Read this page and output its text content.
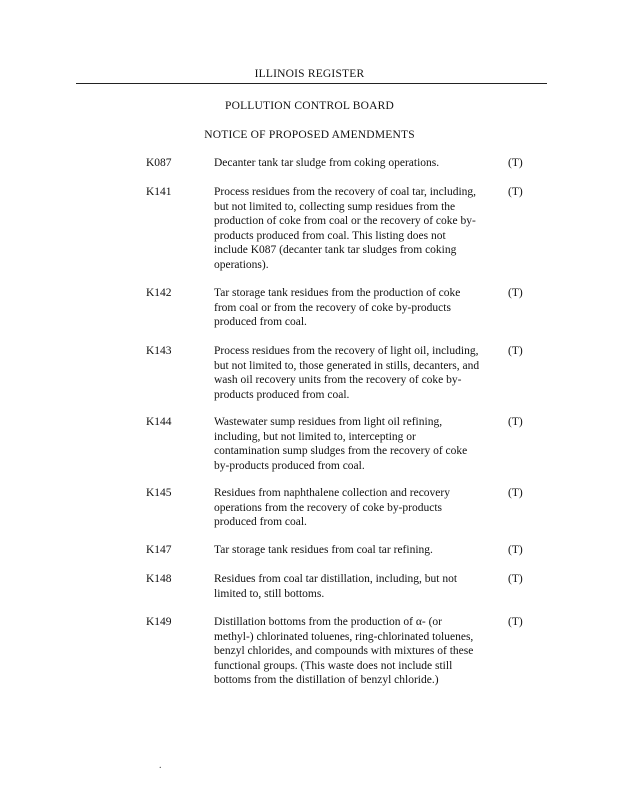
ILLINOIS REGISTER
POLLUTION CONTROL BOARD
NOTICE OF PROPOSED AMENDMENTS
K087	Decanter tank tar sludge from coking operations.	(T)
K141	Process residues from the recovery of coal tar, including,
but not limited to, collecting sump residues from the
production of coke from coal or the recovery of coke by-
products produced from coal. This listing does not
include K087 (decanter tank tar sludges from coking
operations).
(T)
K142	Tar storage tank residues from the production of coke
from coal or from the recovery of coke by-products
produced from coal.
(T)
K143	Process residues from the recovery of light oil, including,
but not limited to, those generated in stills, decanters, and
wash oil recovery units from the recovery of coke by-
products produced from coal.
(T)
K144	Wastewater sump residues from light oil refining,
including, but not limited to, intercepting or
contamination sump sludges from the recovery of coke
by-products produced from coal.
(T)
K145	Residues from naphthalene collection and recovery
operations from the recovery of coke by-products
produced from coal.
(T)
K147	Tar storage tank residues from coal tar refining.	(T)
K148	Residues from coal tar distillation, including, but not
limited to, still bottoms.
(T)
K149	Distillation bottoms from the production of α- (or
methyl-) chlorinated toluenes, ring-chlorinated toluenes,
benzyl chlorides, and compounds with mixtures of these
functional groups. (This waste does not include still
bottoms from the distillation of benzyl chloride.)
(T)
.
